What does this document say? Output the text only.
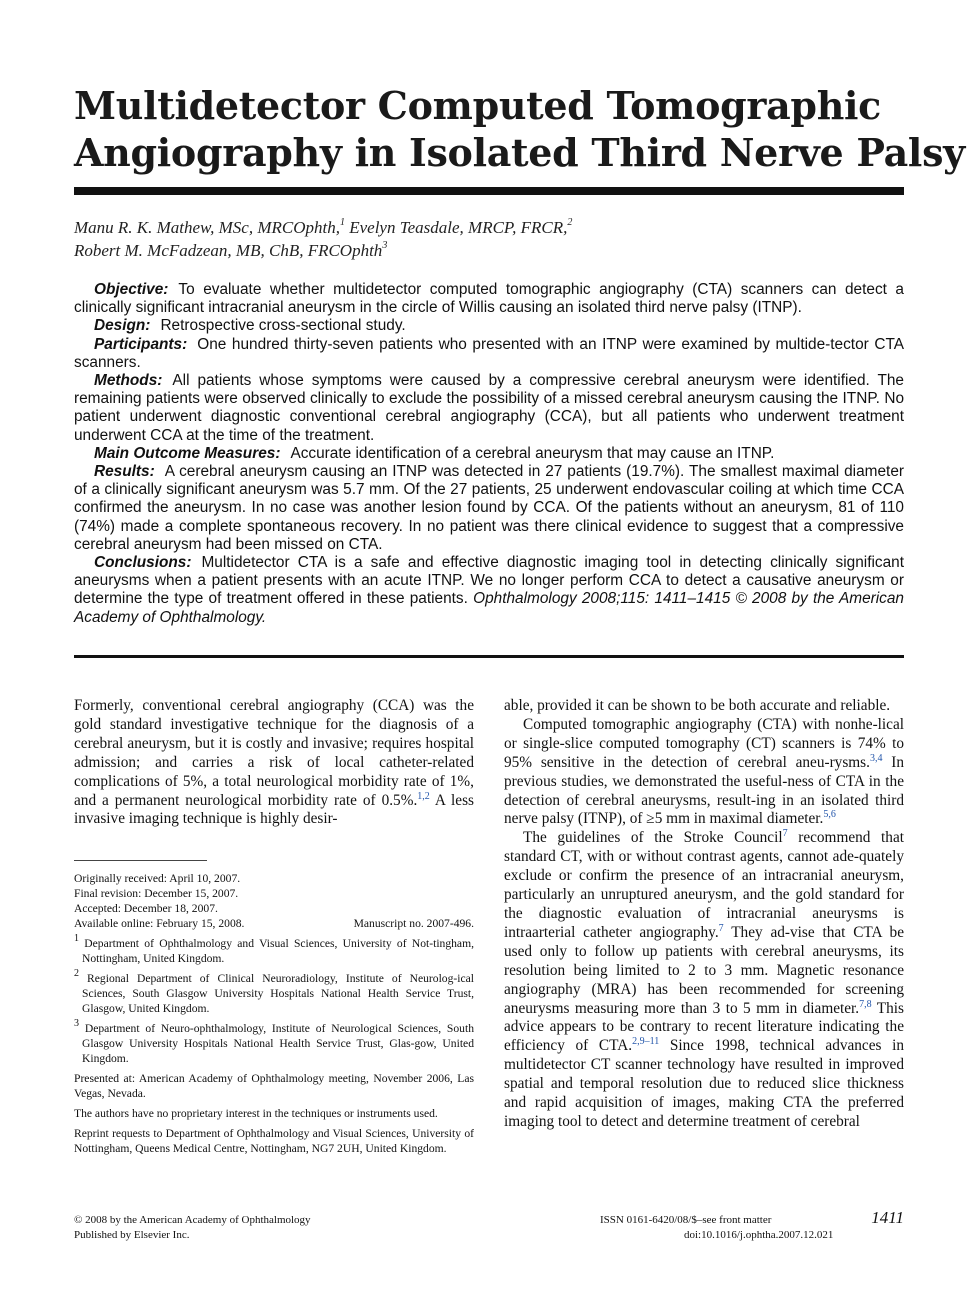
Multidetector Computed Tomographic
Angiography in Isolated Third Nerve Palsy
Manu R. K. Mathew, MSc, MRCOphth,$^1$ Evelyn Teasdale, MRCP, FRCR,$^2$
Robert M. McFadzean, MB, ChB, FRCOphth$^3$

Objective: To evaluate whether multidetector computed tomographic angiography (CTA) scanners can detect a clinically significant intracranial aneurysm in the circle of Willis causing an isolated third nerve palsy (ITNP).

Design: Retrospective cross-sectional study.

Participants: One hundred thirty-seven patients who presented with an ITNP were examined by multide-tector CTA scanners.

Methods: All patients whose symptoms were caused by a compressive cerebral aneurysm were identified. The remaining patients were observed clinically to exclude the possibility of a missed cerebral aneurysm causing the ITNP. No patient underwent diagnostic conventional cerebral angiography (CCA), but all patients who underwent treatment underwent CCA at the time of the treatment.

Main Outcome Measures: Accurate identification of a cerebral aneurysm that may cause an ITNP.

Results: A cerebral aneurysm causing an ITNP was detected in 27 patients (19.7%). The smallest maximal diameter of a clinically significant aneurysm was 5.7 mm. Of the 27 patients, 25 underwent endovascular coiling at which time CCA confirmed the aneurysm. In no case was another lesion found by CCA. Of the patients without an aneurysm, 81 of 110 (74%) made a complete spontaneous recovery. In no patient was there clinical evidence to suggest that a compressive cerebral aneurysm had been missed on CTA.

Conclusions: Multidetector CTA is a safe and effective diagnostic imaging tool in detecting clinically significant aneurysms when a patient presents with an acute ITNP. We no longer perform CCA to detect a causative aneurysm or determine the type of treatment offered in these patients. Ophthalmology 2008;115: 1411–1415 © 2008 by the American Academy of Ophthalmology.

Formerly, conventional cerebral angiography (CCA) was the gold standard investigative technique for the diagnosis of a cerebral aneurysm, but it is costly and invasive; requires hospital admission; and carries a risk of local catheter-related complications of 5%, a total neurological morbidity rate of 1%, and a permanent neurological morbidity rate of 0.5%.$^{1,2}$ A less invasive imaging technique is highly desir-

Originally received: April 10, 2007.

Final revision: December 15, 2007.

Accepted: December 18, 2007.

Available online: February 15, 2008.	Manuscript no. 2007-496.

$^1$ Department of Ophthalmology and Visual Sciences, University of Not-tingham, Nottingham, United Kingdom.

$^2$ Regional Department of Clinical Neuroradiology, Institute of Neurolog-ical Sciences, South Glasgow University Hospitals National Health Service Trust, Glasgow, United Kingdom.

$^3$ Department of Neuro-ophthalmology, Institute of Neurological Sciences, South Glasgow University Hospitals National Health Service Trust, Glas-gow, United Kingdom.

Presented at: American Academy of Ophthalmology meeting, November 2006, Las Vegas, Nevada.

The authors have no proprietary interest in the techniques or instruments used.

Reprint requests to Department of Ophthalmology and Visual Sciences, University of Nottingham, Queens Medical Centre, Nottingham, NG7 2UH, United Kingdom.

able, provided it can be shown to be both accurate and reliable.

Computed tomographic angiography (CTA) with nonhe-lical or single-slice computed tomography (CT) scanners is 74% to 95% sensitive in the detection of cerebral aneu-rysms.$^{3,4}$ In previous studies, we demonstrated the useful-ness of CTA in the detection of cerebral aneurysms, result-ing in an isolated third nerve palsy (ITNP), of ≥5 mm in maximal diameter.$^{5,6}$

The guidelines of the Stroke Council$^7$ recommend that standard CT, with or without contrast agents, cannot ade-quately exclude or confirm the presence of an intracranial aneurysm, particularly an unruptured aneurysm, and the gold standard for the diagnostic evaluation of intracranial aneurysms is intraarterial catheter angiography.$^7$ They ad-vise that CTA be used only to follow up patients with cerebral aneurysms, its resolution being limited to 2 to 3 mm. Magnetic resonance angiography (MRA) has been recommended for screening aneurysms measuring more than 3 to 5 mm in diameter.$^{7,8}$ This advice appears to be contrary to recent literature indicating the efficiency of CTA.$^{2,9-11}$ Since 1998, technical advances in multidetector CT scanner technology have resulted in improved spatial and temporal resolution due to reduced slice thickness and rapid acquisition of images, making CTA the preferred imaging tool to detect and determine treatment of cerebral

© 2008 by the American Academy of Ophthalmology
Published by Elsevier Inc.
ISSN 0161-6420/08/$–see front matter
doi:10.1016/j.ophtha.2007.12.021
1411
